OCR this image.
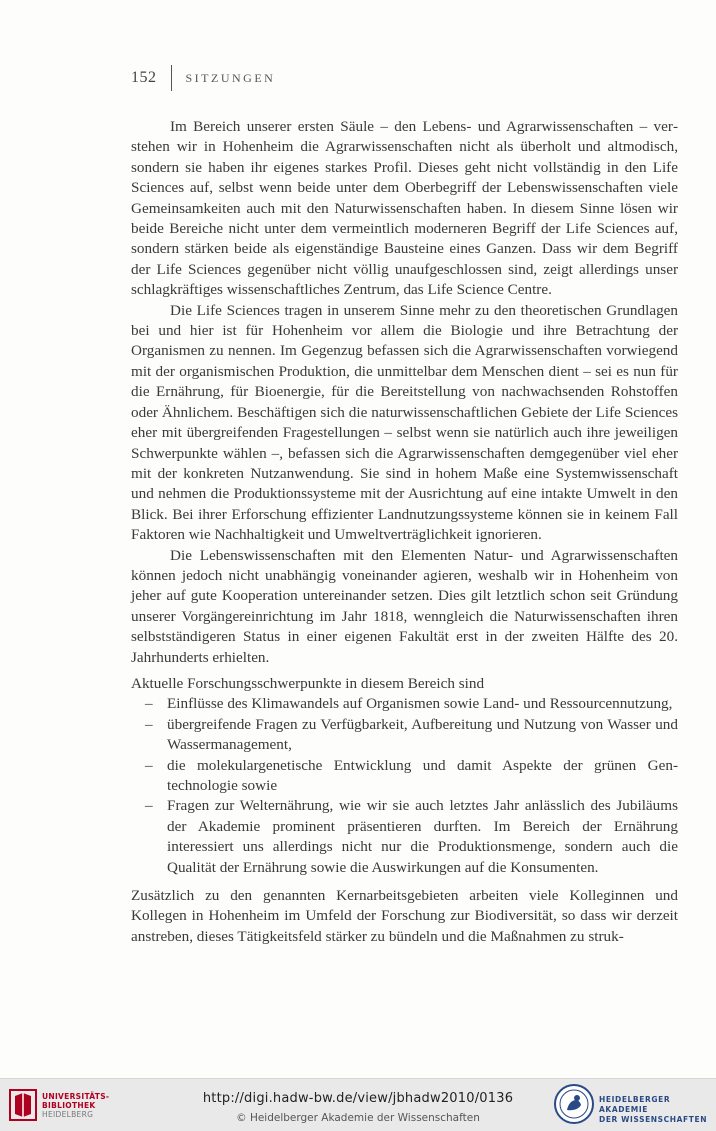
152 SITZUNGEN

Im Bereich unserer ersten Säule – den Lebens- und Agrarwissenschaften – verstehen wir in Hohenheim die Agrarwissenschaften nicht als überholt und altmodisch, sondern sie haben ihr eigenes starkes Profil. Dieses geht nicht vollständig in den Life Sciences auf, selbst wenn beide unter dem Oberbegriff der Lebenswissenschaften viele Gemeinsamkeiten auch mit den Naturwissenschaften haben. In diesem Sinne lösen wir beide Bereiche nicht unter dem vermeintlich moderneren Begriff der Life Sciences auf, sondern stärken beide als eigenständige Bausteine eines Ganzen. Dass wir dem Begriff der Life Sciences gegenüber nicht völlig unaufgeschlossen sind, zeigt allerdings unser schlagkräftiges wissenschaftliches Zentrum, das Life Science Centre.

Die Life Sciences tragen in unserem Sinne mehr zu den theoretischen Grundlagen bei und hier ist für Hohenheim vor allem die Biologie und ihre Betrachtung der Organismen zu nennen. Im Gegenzug befassen sich die Agrarwissenschaften vorwiegend mit der organismischen Produktion, die unmittelbar dem Menschen dient – sei es nun für die Ernährung, für Bioenergie, für die Bereitstellung von nachwachsenden Rohstoffen oder Ähnlichem. Beschäftigen sich die naturwissenschaftlichen Gebiete der Life Sciences eher mit übergreifenden Fragestellungen – selbst wenn sie natürlich auch ihre jeweiligen Schwerpunkte wählen –, befassen sich die Agrarwissenschaften demgegenüber viel eher mit der konkreten Nutzanwendung. Sie sind in hohem Maße eine Systemwissenschaft und nehmen die Produktionssysteme mit der Ausrichtung auf eine intakte Umwelt in den Blick. Bei ihrer Erforschung effizienter Landnutzungssysteme können sie in keinem Fall Faktoren wie Nachhaltigkeit und Umweltverträglichkeit ignorieren.

Die Lebenswissenschaften mit den Elementen Natur- und Agrarwissenschaften können jedoch nicht unabhängig voneinander agieren, weshalb wir in Hohenheim von jeher auf gute Kooperation untereinander setzen. Dies gilt letztlich schon seit Gründung unserer Vorgängereinrichtung im Jahr 1818, wenngleich die Naturwissenschaften ihren selbstständigeren Status in einer eigenen Fakultät erst in der zweiten Hälfte des 20. Jahrhunderts erhielten.

Aktuelle Forschungsschwerpunkte in diesem Bereich sind

– Einflüsse des Klimawandels auf Organismen sowie Land- und Ressourcennutzung,
– übergreifende Fragen zu Verfügbarkeit, Aufbereitung und Nutzung von Wasser und Wassermanagement,
– die molekulargenetische Entwicklung und damit Aspekte der grünen Gentechnologie sowie
– Fragen zur Welternährung, wie wir sie auch letztes Jahr anlässlich des Jubiläums der Akademie prominent präsentieren durften. Im Bereich der Ernährung interessiert uns allerdings nicht nur die Produktionsmenge, sondern auch die Qualität der Ernährung sowie die Auswirkungen auf die Konsumenten.

Zusätzlich zu den genannten Kernarbeitsgebieten arbeiten viele Kolleginnen und Kollegen in Hohenheim im Umfeld der Forschung zur Biodiversität, so dass wir derzeit anstreben, dieses Tätigkeitsfeld stärker zu bündeln und die Maßnahmen zu struk-

UNIVERSITÄTS-
BIBLIOTHEK
HEIDELBERG
http://digi.hadw-bw.de/view/jbhadw2010/0136
© Heidelberger Akademie der Wissenschaften
HEIDELBERGER AKADEMIE
DER WISSENSCHAFTEN
